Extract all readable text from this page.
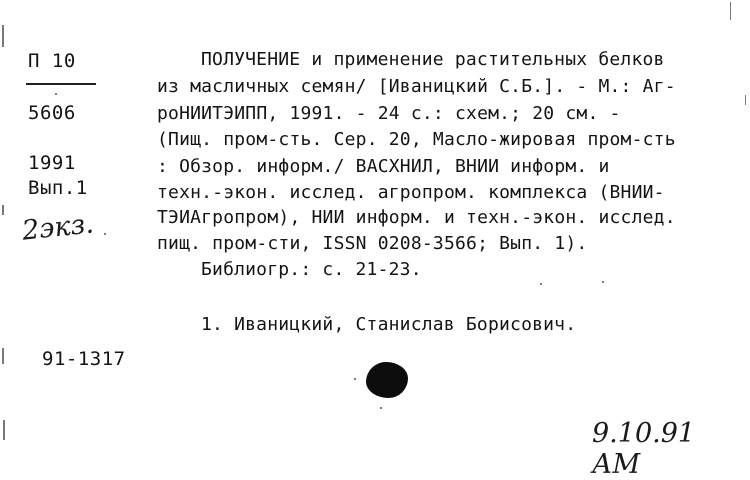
П 10
5606
1991
Вып.1
2экз.
91-1317
ПОЛУЧЕНИЕ и применение растительных белков
из масличных семян/ [Иваницкий С.Б.]. - М.: Аг-
роНИИТЭИПП, 1991. - 24 с.: схем.; 20 см. -
(Пищ. пром-сть. Сер. 20, Масло-жировая пром-сть
: Обзор. информ./ ВАСХНИЛ, ВНИИ информ. и
техн.-экон. исслед. агропром. комплекса (ВНИИ-
ТЭИАгропром), НИИ информ. и техн.-экон. исслед.
пищ. пром-сти, ISSN 0208-3566; Вып. 1).
Библиогр.: с. 21-23.
1. Иваницкий, Станислав Борисович.
9.10.91 АМ
